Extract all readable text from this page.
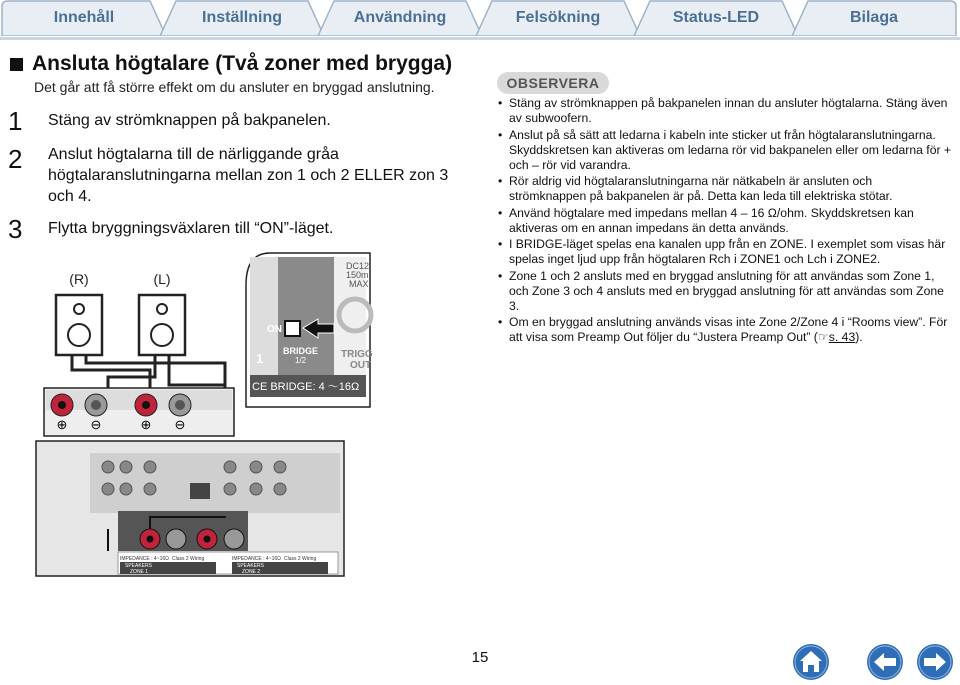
Innehåll	Inställning	Användning	Felsökning	Status-LED	Bilaga
Ansluta högtalare (Två zoner med brygga)
Det går att få större effekt om du ansluter en bryggad anslutning.
1 Stäng av strömknappen på bakpanelen.
2 Anslut högtalarna till de närliggande gråa högtalaranslutningarna mellan zon 1 och 2 ELLER zon 3 och 4.
3 Flytta bryggningsväxlaren till “ON”-läget.
(R)	(L)
⊕ ⊖	⊕ ⊖
DC12
150m
MAX
ON
BRIDGE
1/2
1	TRIGG
OUT
CE BRIDGE: 4 ～16Ω
IMPEDANCE : 4~16Ω Class 2 Wiring	IMPEDANCE : 4~16Ω Class 2 Wiring
SPEAKERS
ZONE 1
SPEAKERS
ZONE 2
OBSERVERA
• Stäng av strömknappen på bakpanelen innan du ansluter högtalarna. Stäng även av subwoofern.
• Anslut på så sätt att ledarna i kabeln inte sticker ut från högtalaranslutningarna. Skyddskretsen kan aktiveras om ledarna rör vid bakpanelen eller om ledarna för + och – rör vid varandra.
• Rör aldrig vid högtalaranslutningarna när nätkabeln är ansluten och strömknappen på bakpanelen är på. Detta kan leda till elektriska stötar.
• Använd högtalare med impedans mellan 4 – 16 Ω/ohm. Skyddskretsen kan aktiveras om en annan impedans än detta används.
• I BRIDGE-läget spelas ena kanalen upp från en ZONE. I exemplet som visas här spelas inget ljud upp från högtalaren Rch i ZONE1 och Lch i ZONE2.
• Zone 1 och 2 ansluts med en bryggad anslutning för att användas som Zone 1, och Zone 3 och 4 ansluts med en bryggad anslutning för att användas som Zone 3.
• Om en bryggad anslutning används visas inte Zone 2/Zone 4 i “Rooms view”. För att visa som Preamp Out följer du “Justera Preamp Out” (☞s. 43).
15
